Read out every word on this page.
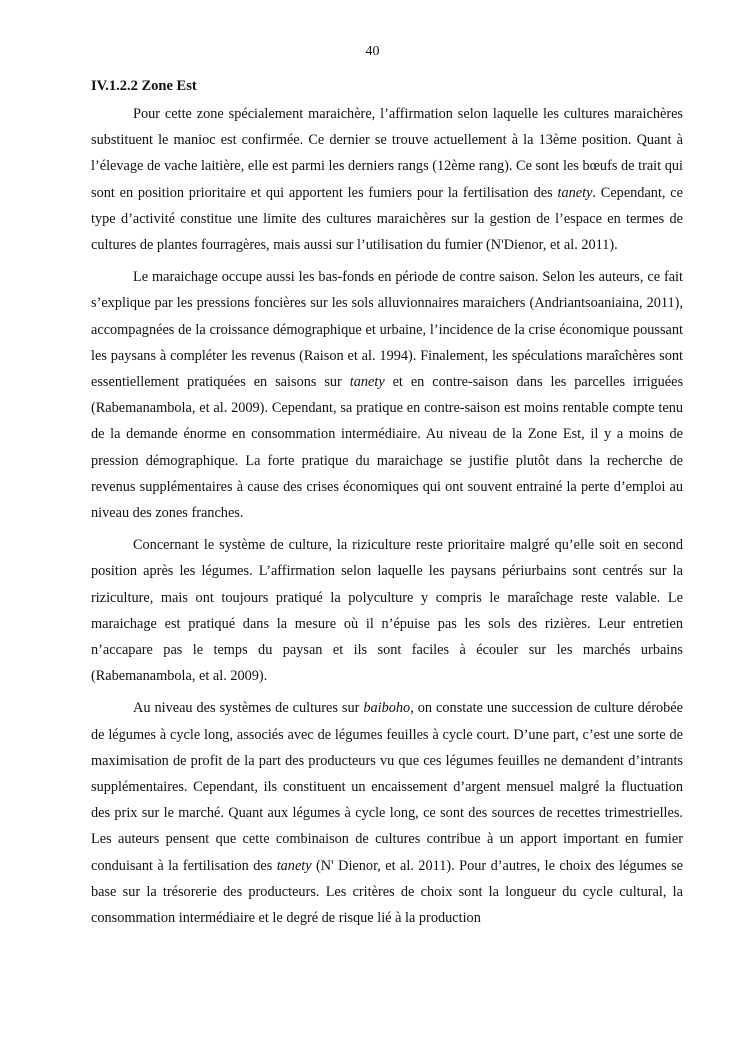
40
IV.1.2.2 Zone Est

Pour cette zone spécialement maraichère, l’affirmation selon laquelle les cultures maraichères substituent le manioc est confirmée. Ce dernier se trouve actuellement à la 13ème position. Quant à l’élevage de vache laitière, elle est parmi les derniers rangs (12ème rang). Ce sont les bœufs de trait qui sont en position prioritaire et qui apportent les fumiers pour la fertilisation des tanety. Cependant, ce type d’activité constitue une limite des cultures maraichères sur la gestion de l’espace en termes de cultures de plantes fourragères, mais aussi sur l’utilisation du fumier (N'Dienor, et al. 2011).

Le maraichage occupe aussi les bas-fonds en période de contre saison. Selon les auteurs, ce fait s’explique par les pressions foncières sur les sols alluvionnaires maraichers (Andriantsoaniaina, 2011), accompagnées de la croissance démographique et urbaine, l’incidence de la crise économique poussant les paysans à compléter les revenus (Raison et al. 1994). Finalement, les spéculations maraîchères sont essentiellement pratiquées en saisons sur tanety et en contre-saison dans les parcelles irriguées (Rabemanambola, et al. 2009). Cependant, sa pratique en contre-saison est moins rentable compte tenu de la demande énorme en consommation intermédiaire. Au niveau de la Zone Est, il y a moins de pression démographique. La forte pratique du maraichage se justifie plutôt dans la recherche de revenus supplémentaires à cause des crises économiques qui ont souvent entrainé la perte d’emploi au niveau des zones franches.

Concernant le système de culture, la riziculture reste prioritaire malgré qu’elle soit en second position après les légumes. L’affirmation selon laquelle les paysans périurbains sont centrés sur la riziculture, mais ont toujours pratiqué la polyculture y compris le maraîchage reste valable. Le maraichage est pratiqué dans la mesure où il n’épuise pas les sols des rizières. Leur entretien n’accapare pas le temps du paysan et ils sont faciles à écouler sur les marchés urbains (Rabemanambola, et al. 2009).

Au niveau des systèmes de cultures sur baiboho, on constate une succession de culture dérobée de légumes à cycle long, associés avec de légumes feuilles à cycle court. D’une part, c’est une sorte de maximisation de profit de la part des producteurs vu que ces légumes feuilles ne demandent d’intrants supplémentaires. Cependant, ils constituent un encaissement d’argent mensuel malgré la fluctuation des prix sur le marché. Quant aux légumes à cycle long, ce sont des sources de recettes trimestrielles. Les auteurs pensent que cette combinaison de cultures contribue à un apport important en fumier conduisant à la fertilisation des tanety (N' Dienor, et al. 2011). Pour d’autres, le choix des légumes se base sur la trésorerie des producteurs. Les critères de choix sont la longueur du cycle cultural, la consommation intermédiaire et le degré de risque lié à la production
